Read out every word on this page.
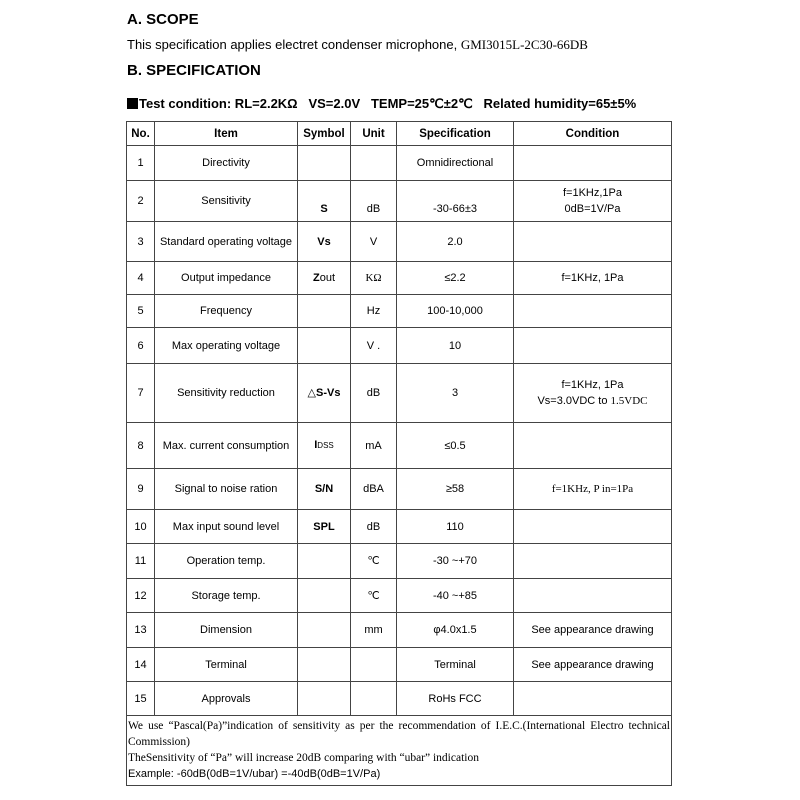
A. SCOPE
This specification applies electret condenser microphone, GMI3015L-2C30-66DB
B. SPECIFICATION
Test condition: RL=2.2KΩ   VS=2.0V   TEMP=25℃±2℃   Related humidity=65±5%
No.	Item	Symbol	Unit	Specification	Condition
1	Directivity			Omnidirectional	
2	Sensitivity	S	dB	-30-66±3	f=1KHz,1Pa
0dB=1V/Pa

3	Standard operating voltage	Vs	V	2.0	
4	Output impedance	Zout	KΩ	≤2.2	f=1KHz, 1Pa
5	Frequency		Hz	100-10,000	
6	Max operating voltage		V .	10	
7	Sensitivity reduction	△S-Vs	dB	3	f=1KHz, 1Pa
Vs=3.0VDC to 1.5VDC

8	Max. current consumption	IDSS	mA	≤0.5	
9	Signal to noise ration	S/N	dBA	≥58	f=1KHz, P in=1Pa
10	Max input sound level	SPL	dB	110	
11	Operation temp.		℃	-30 ~+70	
12	Storage temp.		℃	-40 ~+85	
13	Dimension		mm	φ4.0x1.5	See appearance drawing
14	Terminal			Terminal	See appearance drawing
15	Approvals			RoHs FCC	

We use “Pascal(Pa)”indication of sensitivity as per the recommendation of I.E.C.(International Electro technical
Commission)
TheSensitivity of “Pa” will increase 20dB comparing with “ubar” indication
Example: -60dB(0dB=1V/ubar) =-40dB(0dB=1V/Pa)					
